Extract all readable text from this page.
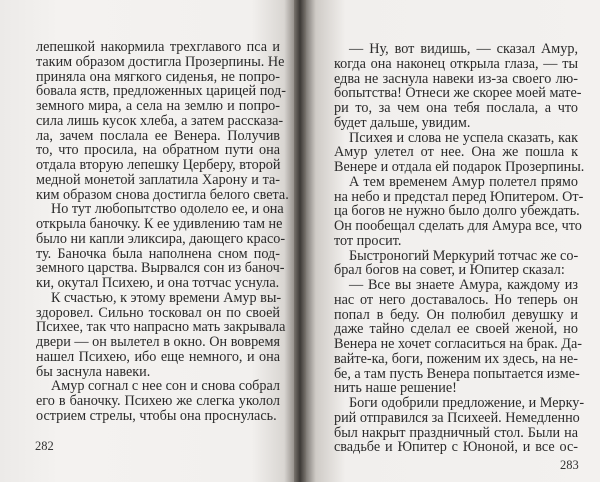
лепешкой накормила трехглавого пса и
таким образом достигла Прозерпины. Не
приняла она мягкого сиденья, не попро-
бовала яств, предложенных царицей под-
земного мира, а села на землю и попро-
сила лишь кусок хлеба, а затем рассказа-
ла, зачем послала ее Венера. Получив
то, что просила, на обратном пути она
отдала вторую лепешку Церберу, второй
медной монетой заплатила Харону и та-
ким образом снова достигла белого света.
Но тут любопытство одолело ее, и она
открыла баночку. К ее удивлению там не
было ни капли эликсира, дающего красо-
ту. Баночка была наполнена сном под-
земного царства. Вырвался сон из баноч-
ки, окутал Психею, и она тотчас уснула.
К счастью, к этому времени Амур вы-
здоровел. Сильно тосковал он по своей
Психее, так что напрасно мать закрывала
двери — он вылетел в окно. Он вовремя
нашел Психею, ибо еще немного, и она
бы заснула навеки.
Амур согнал с нее сон и снова собрал
его в баночку. Психею же слегка уколол
острием стрелы, чтобы она проснулась.
282
— Ну, вот видишь, — сказал Амур,
когда она наконец открыла глаза, — ты
едва не заснула навеки из-за своего лю-
бопытства! Отнеси же скорее моей мате-
ри то, за чем она тебя послала, а что
будет дальше, увидим.
Психея и слова не успела сказать, как
Амур улетел от нее. Она же пошла к
Венере и отдала ей подарок Прозерпины.
А тем временем Амур полетел прямо
на небо и предстал перед Юпитером. От-
ца богов не нужно было долго убеждать.
Он пообещал сделать для Амура все, что
тот просит.
Быстроногий Меркурий тотчас же со-
брал богов на совет, и Юпитер сказал:
— Все вы знаете Амура, каждому из
нас от него доставалось. Но теперь он
попал в беду. Он полюбил девушку и
даже тайно сделал ее своей женой, но
Венера не хочет согласиться на брак. Да-
вайте-ка, боги, поженим их здесь, на не-
бе, а там пусть Венера попытается изме-
нить наше решение!
Боги одобрили предложение, и Мерку-
рий отправился за Психеей. Немедленно
был накрыт праздничный стол. Были на
свадьбе и Юпитер с Юноной, и все ос-
283
